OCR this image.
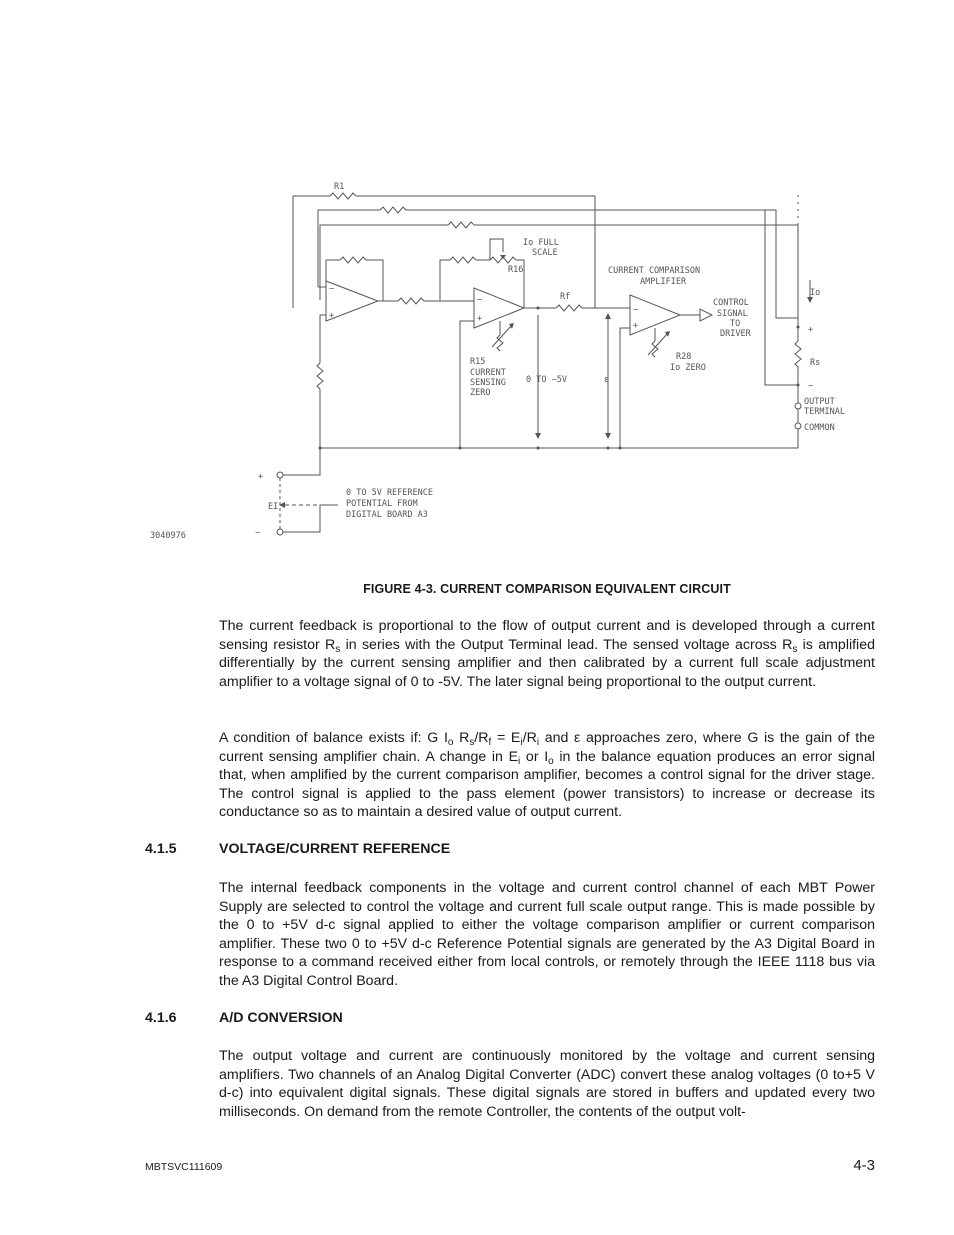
R1
−
+
Io FULL
SCALE
R16
−
+
R15
CURRENT
SENSING
ZERO
Rf
0 TO −5V	ε
CURRENT COMPARISON
AMPLIFIER
−
+
CONTROL
SIGNAL
TO
DRIVER
R28
Io ZERO
Io
+
Rs
−
OUTPUT
TERMINAL
COMMON
+
EI
−
0 TO 5V REFERENCE
POTENTIAL FROM
DIGITAL BOARD A3
3040976
FIGURE 4-3. CURRENT COMPARISON EQUIVALENT CIRCUIT
The current feedback is proportional to the flow of output current and is developed through a current sensing resistor $R_s$ in series with the Output Terminal lead. The sensed voltage across $R_s$ is amplified differentially by the current sensing amplifier and then calibrated by a current full scale adjustment amplifier to a voltage signal of 0 to -5V. The later signal being proportional to the output current.
A condition of balance exists if: G $I_o$ $R_s/R_f = E_i/R_i$ and ε approaches zero, where G is the gain of the current sensing amplifier chain. A change in $E_i$ or $I_o$ in the balance equation produces an error signal that, when amplified by the current comparison amplifier, becomes a control signal for the driver stage. The control signal is applied to the pass element (power transistors) to increase or decrease its conductance so as to maintain a desired value of output current.
4.1.5	VOLTAGE/CURRENT REFERENCE
The internal feedback components in the voltage and current control channel of each MBT Power Supply are selected to control the voltage and current full scale output range. This is made possible by the 0 to +5V d-c signal applied to either the voltage comparison amplifier or current comparison amplifier. These two 0 to +5V d-c Reference Potential signals are generated by the A3 Digital Board in response to a command received either from local controls, or remotely through the IEEE 1118 bus via the A3 Digital Control Board.
4.1.6	A/D CONVERSION
The output voltage and current are continuously monitored by the voltage and current sensing amplifiers. Two channels of an Analog Digital Converter (ADC) convert these analog voltages (0 to+5 V d-c) into equivalent digital signals. These digital signals are stored in buffers and updated every two milliseconds. On demand from the remote Controller, the contents of the output volt-
MBTSVC111609	4-3
